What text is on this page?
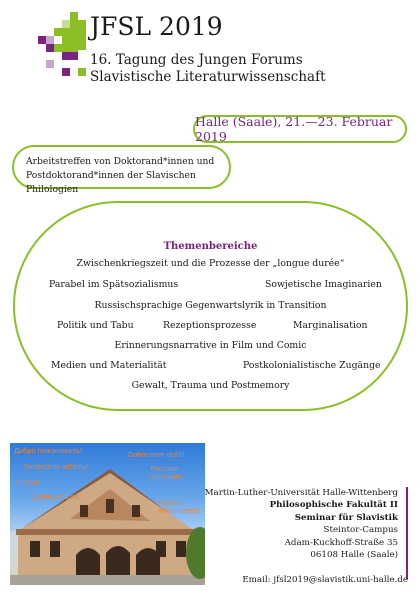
JFSL 2019
16. Tagung des Jungen Forums
Slavistische Literaturwissenschaft
Halle (Saale), 21.—23. Februar 2019
Arbeitstreffen von Doktorand*innen und
Postdoktorand*innen der Slavischen Philologien
Themenbereiche
Zwischenkriegszeit und die Prozesse der „longue durée“
Parabel im Spätsozialismus	Sowjetische Imaginarien
Russischsprachige Gegenwartslyrik in Transition
Politik und Tabu	Rezeptionsprozesse	Marginalisation
Erinnerungsnarrative in Film und Comic
Medien und Materialität	Postkolonialistische Zugänge
Gewalt, Trauma und Postmemory
Добро пожаловать!	Dobro nam došli!
Serdecznie witamy!	Ласкаво просимо!
Vítejte!
Добре дошли!
Herzlich willkommen!
Martin-Luther-Universität Halle-Wittenberg
Philosophische Fakultät II
Seminar für Slavistik
Steintor-Campus
Adam-Kuckhoff-Straße 35
06108 Halle (Saale)
Email: jfsl2019@slavistik.uni-halle.de
